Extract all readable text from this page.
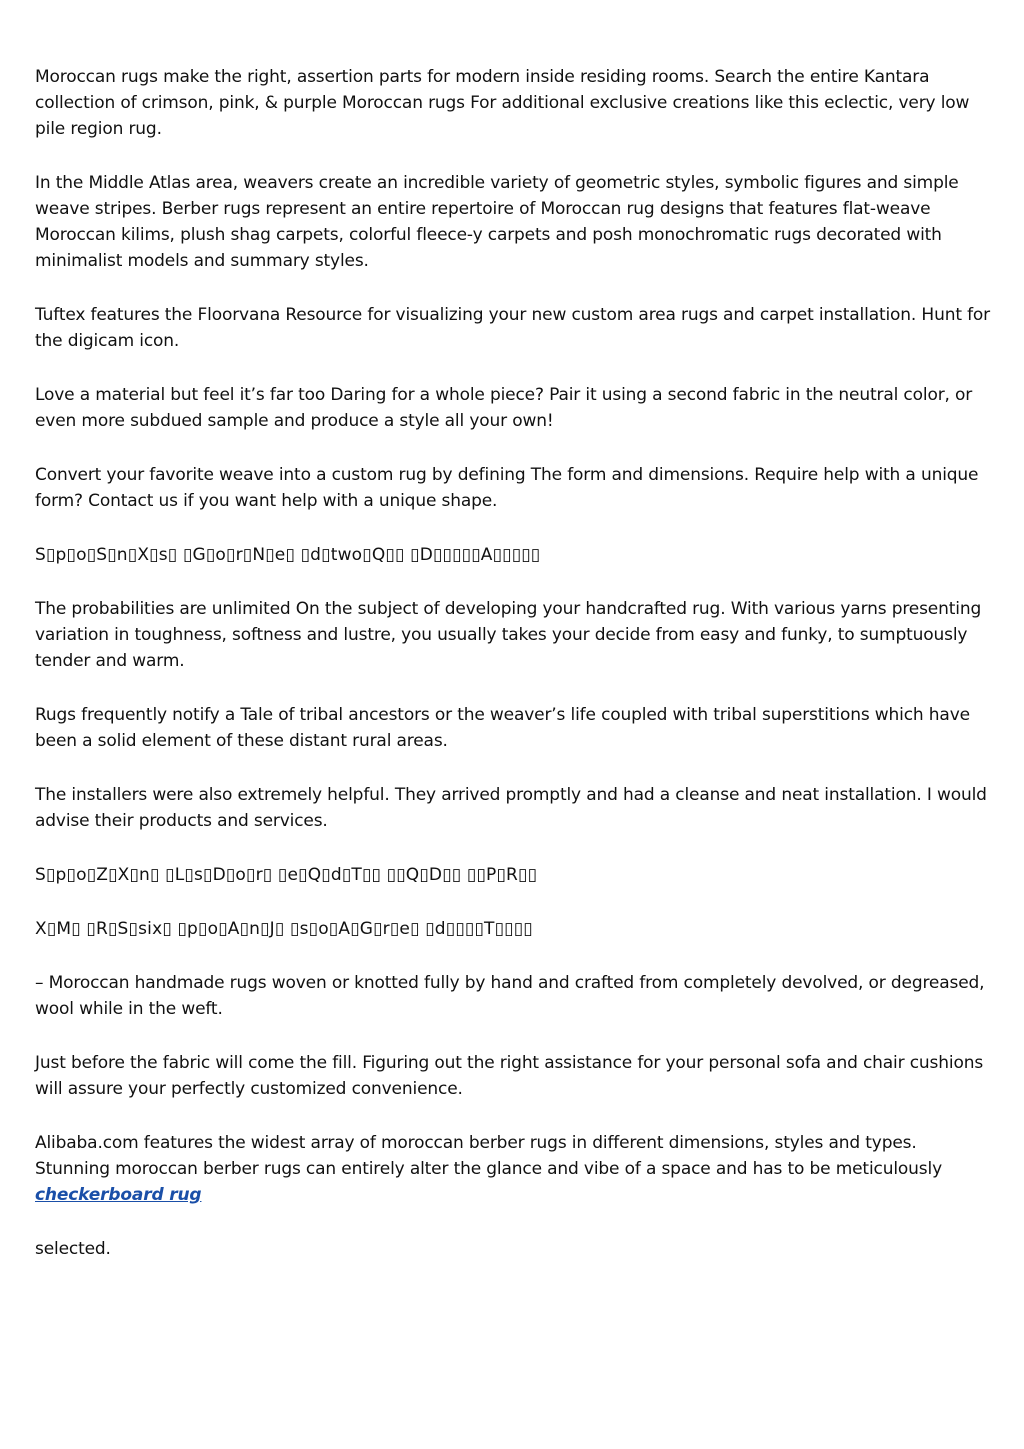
Moroccan rugs make the right, assertion parts for modern inside residing rooms. Search the entire Kantara collection of crimson, pink, & purple Moroccan rugs For additional exclusive creations like this eclectic, very low pile region rug.

In the Middle Atlas area, weavers create an incredible variety of geometric styles, symbolic figures and simple weave stripes. Berber rugs represent an entire repertoire of Moroccan rug designs that features flat-weave Moroccan kilims, plush shag carpets, colorful fleece-y carpets and posh monochromatic rugs decorated with minimalist models and summary styles.

Tuftex features the Floorvana Resource for visualizing your new custom area rugs and carpet installation. Hunt for the digicam icon.

Love a material but feel it’s far too Daring for a whole piece? Pair it using a second fabric in the neutral color, or even more subdued sample and produce a style all your own!

Convert your favorite weave into a custom rug by defining The form and dimensions. Require help with a unique form? Contact us if you want help with a unique shape.

S▯p▯o▯S▯n▯X▯s▯ ▯G▯o▯r▯N▯e▯ ▯d▯two▯Q▯▯ ▯D▯▯▯▯▯A▯▯▯▯▯

The probabilities are unlimited On the subject of developing your handcrafted rug. With various yarns presenting variation in toughness, softness and lustre, you usually takes your decide from easy and funky, to sumptuously tender and warm.

Rugs frequently notify a Tale of tribal ancestors or the weaver’s life coupled with tribal superstitions which have been a solid element of these distant rural areas.

The installers were also extremely helpful. They arrived promptly and had a cleanse and neat installation. I would advise their products and services.

S▯p▯o▯Z▯X▯n▯ ▯L▯s▯D▯o▯r▯ ▯e▯Q▯d▯T▯▯ ▯▯Q▯D▯▯ ▯▯P▯R▯▯

X▯M▯ ▯R▯S▯six▯ ▯p▯o▯A▯n▯J▯ ▯s▯o▯A▯G▯r▯e▯ ▯d▯▯▯▯T▯▯▯▯

– Moroccan handmade rugs woven or knotted fully by hand and crafted from completely devolved, or degreased, wool while in the weft.

Just before the fabric will come the fill. Figuring out the right assistance for your personal sofa and chair cushions will assure your perfectly customized convenience.

Alibaba.com features the widest array of moroccan berber rugs in different dimensions, styles and types. Stunning moroccan berber rugs can entirely alter the glance and vibe of a space and has to be meticulously checkerboard rug

selected.
